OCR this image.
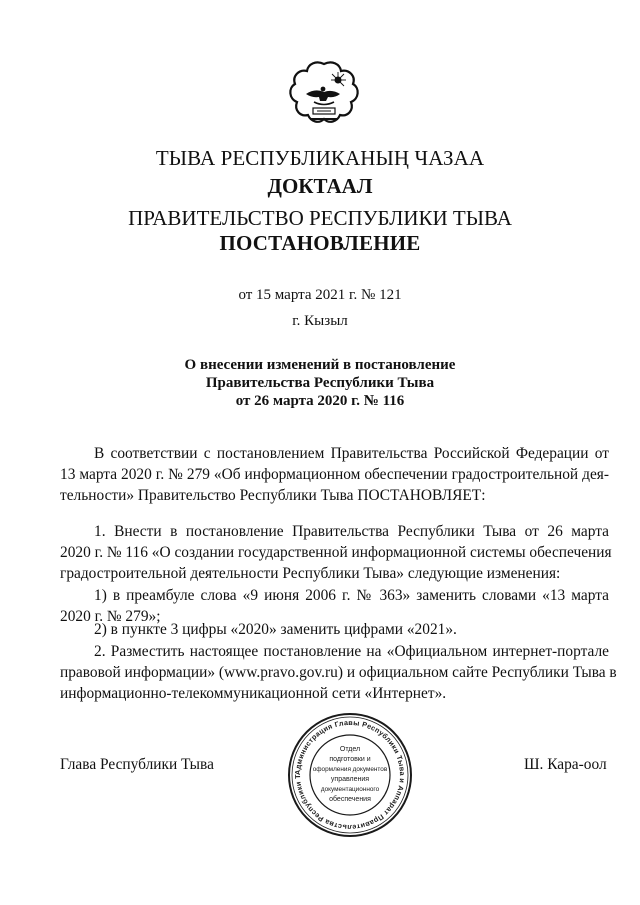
ТЫВА РЕСПУБЛИКАНЫҢ ЧАЗАА
ДОКТААЛ
ПРАВИТЕЛЬСТВО РЕСПУБЛИКИ ТЫВА
ПОСТАНОВЛЕНИЕ
от 15 марта 2021 г. № 121
г. Кызыл
О внесении изменений в постановление
Правительства Республики Тыва
от 26 марта 2020 г. № 116
В соответствии с постановлением Правительства Российской Федерации от
13 марта 2020 г. № 279 «Об информационном обеспечении градостроительной дея-
тельности» Правительство Республики Тыва ПОСТАНОВЛЯЕТ:
1. Внести в постановление Правительства Республики Тыва от 26 марта
2020 г. № 116 «О создании государственной информационной системы обеспечения
градостроительной деятельности Республики Тыва» следующие изменения:
1) в преамбуле слова «9 июня 2006 г. № 363» заменить словами «13 марта
2020 г. № 279»;
2) в пункте 3 цифры «2020» заменить цифрами «2021».
2. Разместить настоящее постановление на «Официальном интернет-портале
правовой информации» (www.pravo.gov.ru) и официальном сайте Республики Тыва в
информационно-телекоммуникационной сети «Интернет».
Глава Республики Тыва	Ш. Кара-оол
Администрация Главы Республики Тыва и Аппарат Правительства Республики Т
Отдел
подготовки и
оформления документов
управления
документационного
обеспечения
